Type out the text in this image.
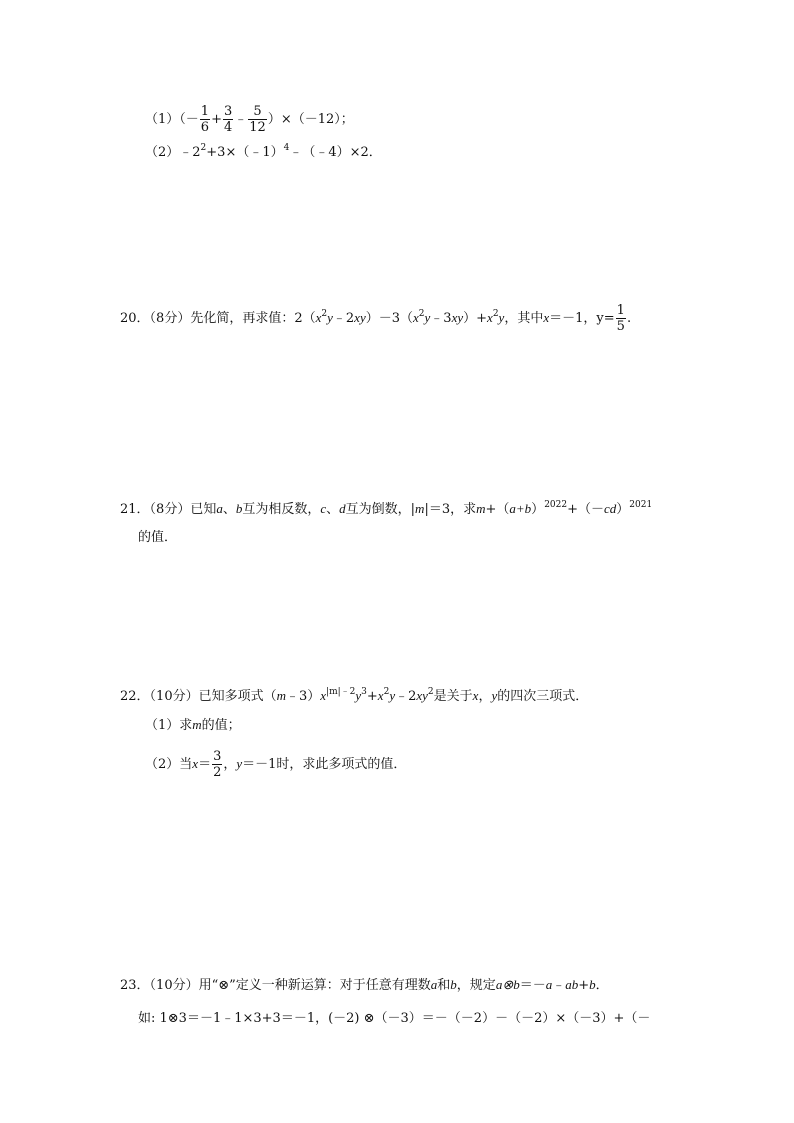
$(1)(- \frac{1}{6} + \frac{3}{4}$ ﹣ $\frac{5}{12} )\times(-12)$；
$(2)﹣2^2+3\times(﹣1)^4﹣(﹣4)\times 2$．
20．（8分）先化简，再求值：$2(x^2y﹣2xy)-3(x^2y﹣3xy)+x^2y$，其中x＝－1，$y= \frac{1}{5}$ .
21．（8分）已知a、b互为相反数，c、d互为倒数，|m|＝3，求$m+(a+b)^{2022}+(-cd)^{2021}$
的值．
22．（10分）已知多项式$(m﹣3)x^{|m|﹣2}y^3+x^2y﹣2xy^2$是关于x，y的四次三项式．
（1）求m的值；
（2）当$x= \frac{3}{2}$ ，y＝－1时，求此多项式的值．
23．（10分）用“⊗”定义一种新运算：对于任意有理数a和b，规定a⊗b＝－a﹣ab+b．
如: 1⊗3＝－1﹣1×3+3＝－1，(－2) ⊗（－3）＝－（－2）－（－2）×（－3）+（－
